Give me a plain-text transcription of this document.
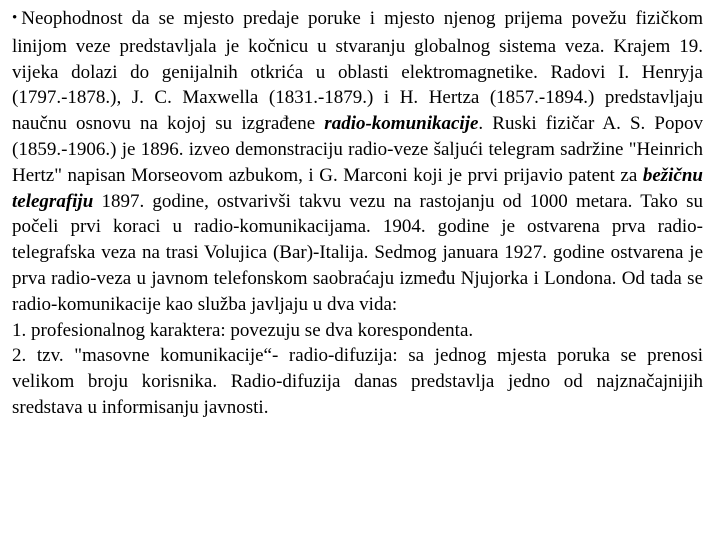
• Neophodnost da se mjesto predaje poruke i mjesto njenog prijema povežu fizičkom linijom veze predstavljala je kočnicu u stvaranju globalnog sistema veza. Krajem 19. vijeka dolazi do genijalnih otkrića u oblasti elektromagnetike. Radovi I. Henryja (1797.-1878.), J. C. Maxwella (1831.-1879.) i H. Hertza (1857.-1894.) predstavljaju naučnu osnovu na kojoj su izgrađene radio-komunikacije. Ruski fizičar A. S. Popov (1859.-1906.) je 1896. izveo demonstraciju radio-veze šaljući telegram sadržine "Heinrich Hertz" napisan Morseovom azbukom, i G. Marconi koji je prvi prijavio patent za bežičnu telegrafiju 1897. godine, ostvarivši takvu vezu na rastojanju od 1000 metara. Tako su počeli prvi koraci u radio-komunikacijama. 1904. godine je ostvarena prva radio-telegrafska veza na trasi Volujica (Bar)-Italija. Sedmog januara 1927. godine ostvarena je prva radio-veza u javnom telefonskom saobraćaju između Njujorka i Londona. Od tada se radio-komunikacije kao služba javljaju u dva vida:

1. profesionalnog karaktera: povezuju se dva korespondenta.

2. tzv. "masovne komunikacije“- radio-difuzija: sa jednog mjesta poruka se prenosi velikom broju korisnika. Radio-difuzija danas predstavlja jedno od najznačajnijih sredstava u informisanju javnosti.
